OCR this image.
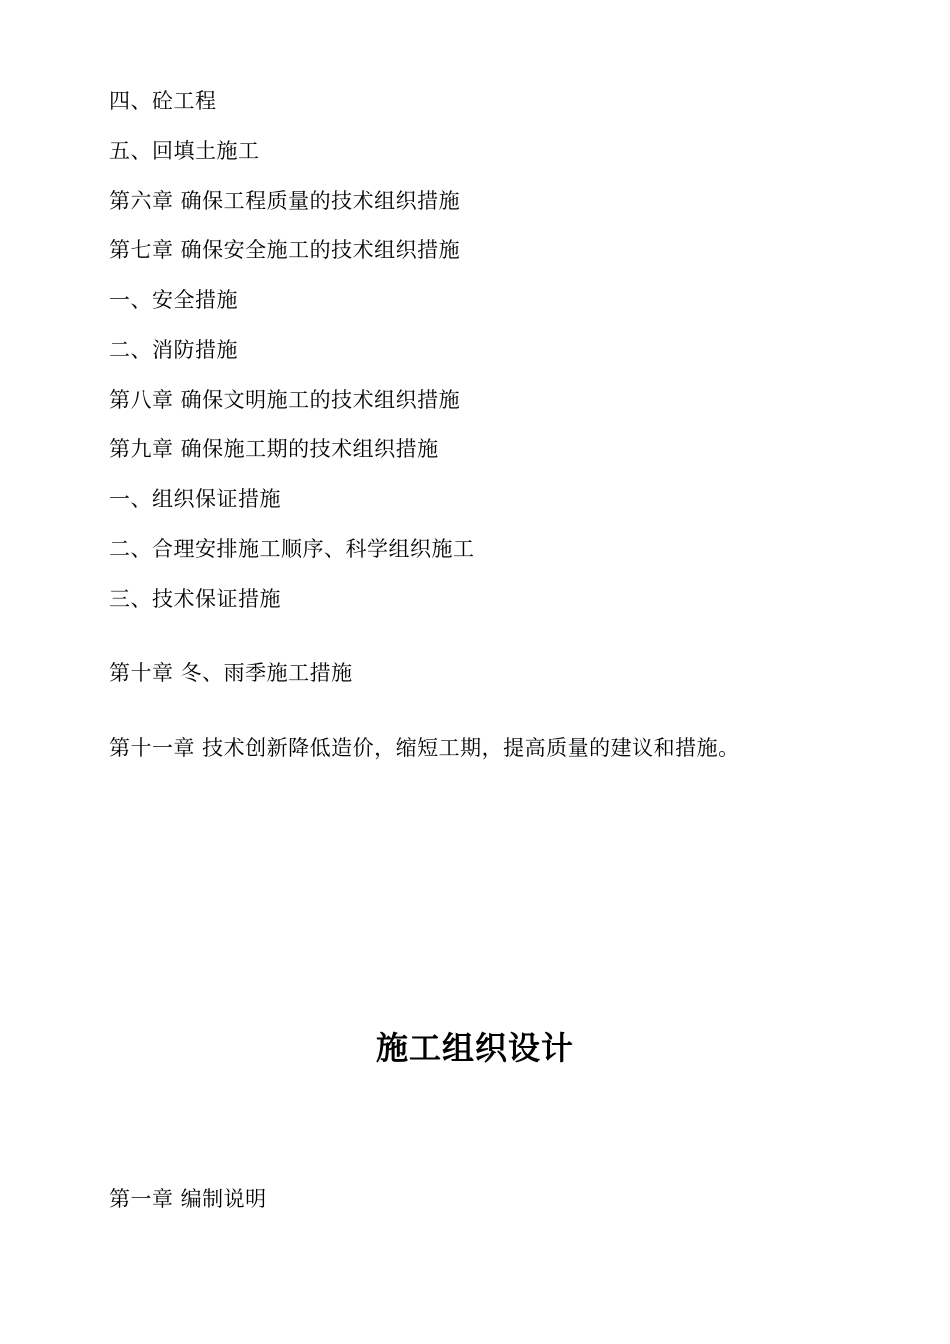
四、砼工程
五、回填土施工
第六章 确保工程质量的技术组织措施
第七章 确保安全施工的技术组织措施
一、安全措施
二、消防措施
第八章 确保文明施工的技术组织措施
第九章 确保施工期的技术组织措施
一、组织保证措施
二、合理安排施工顺序、科学组织施工
三、技术保证措施
第十章 冬、雨季施工措施
第十一章 技术创新降低造价，缩短工期，提高质量的建议和措施。
施工组织设计
第一章 编制说明
